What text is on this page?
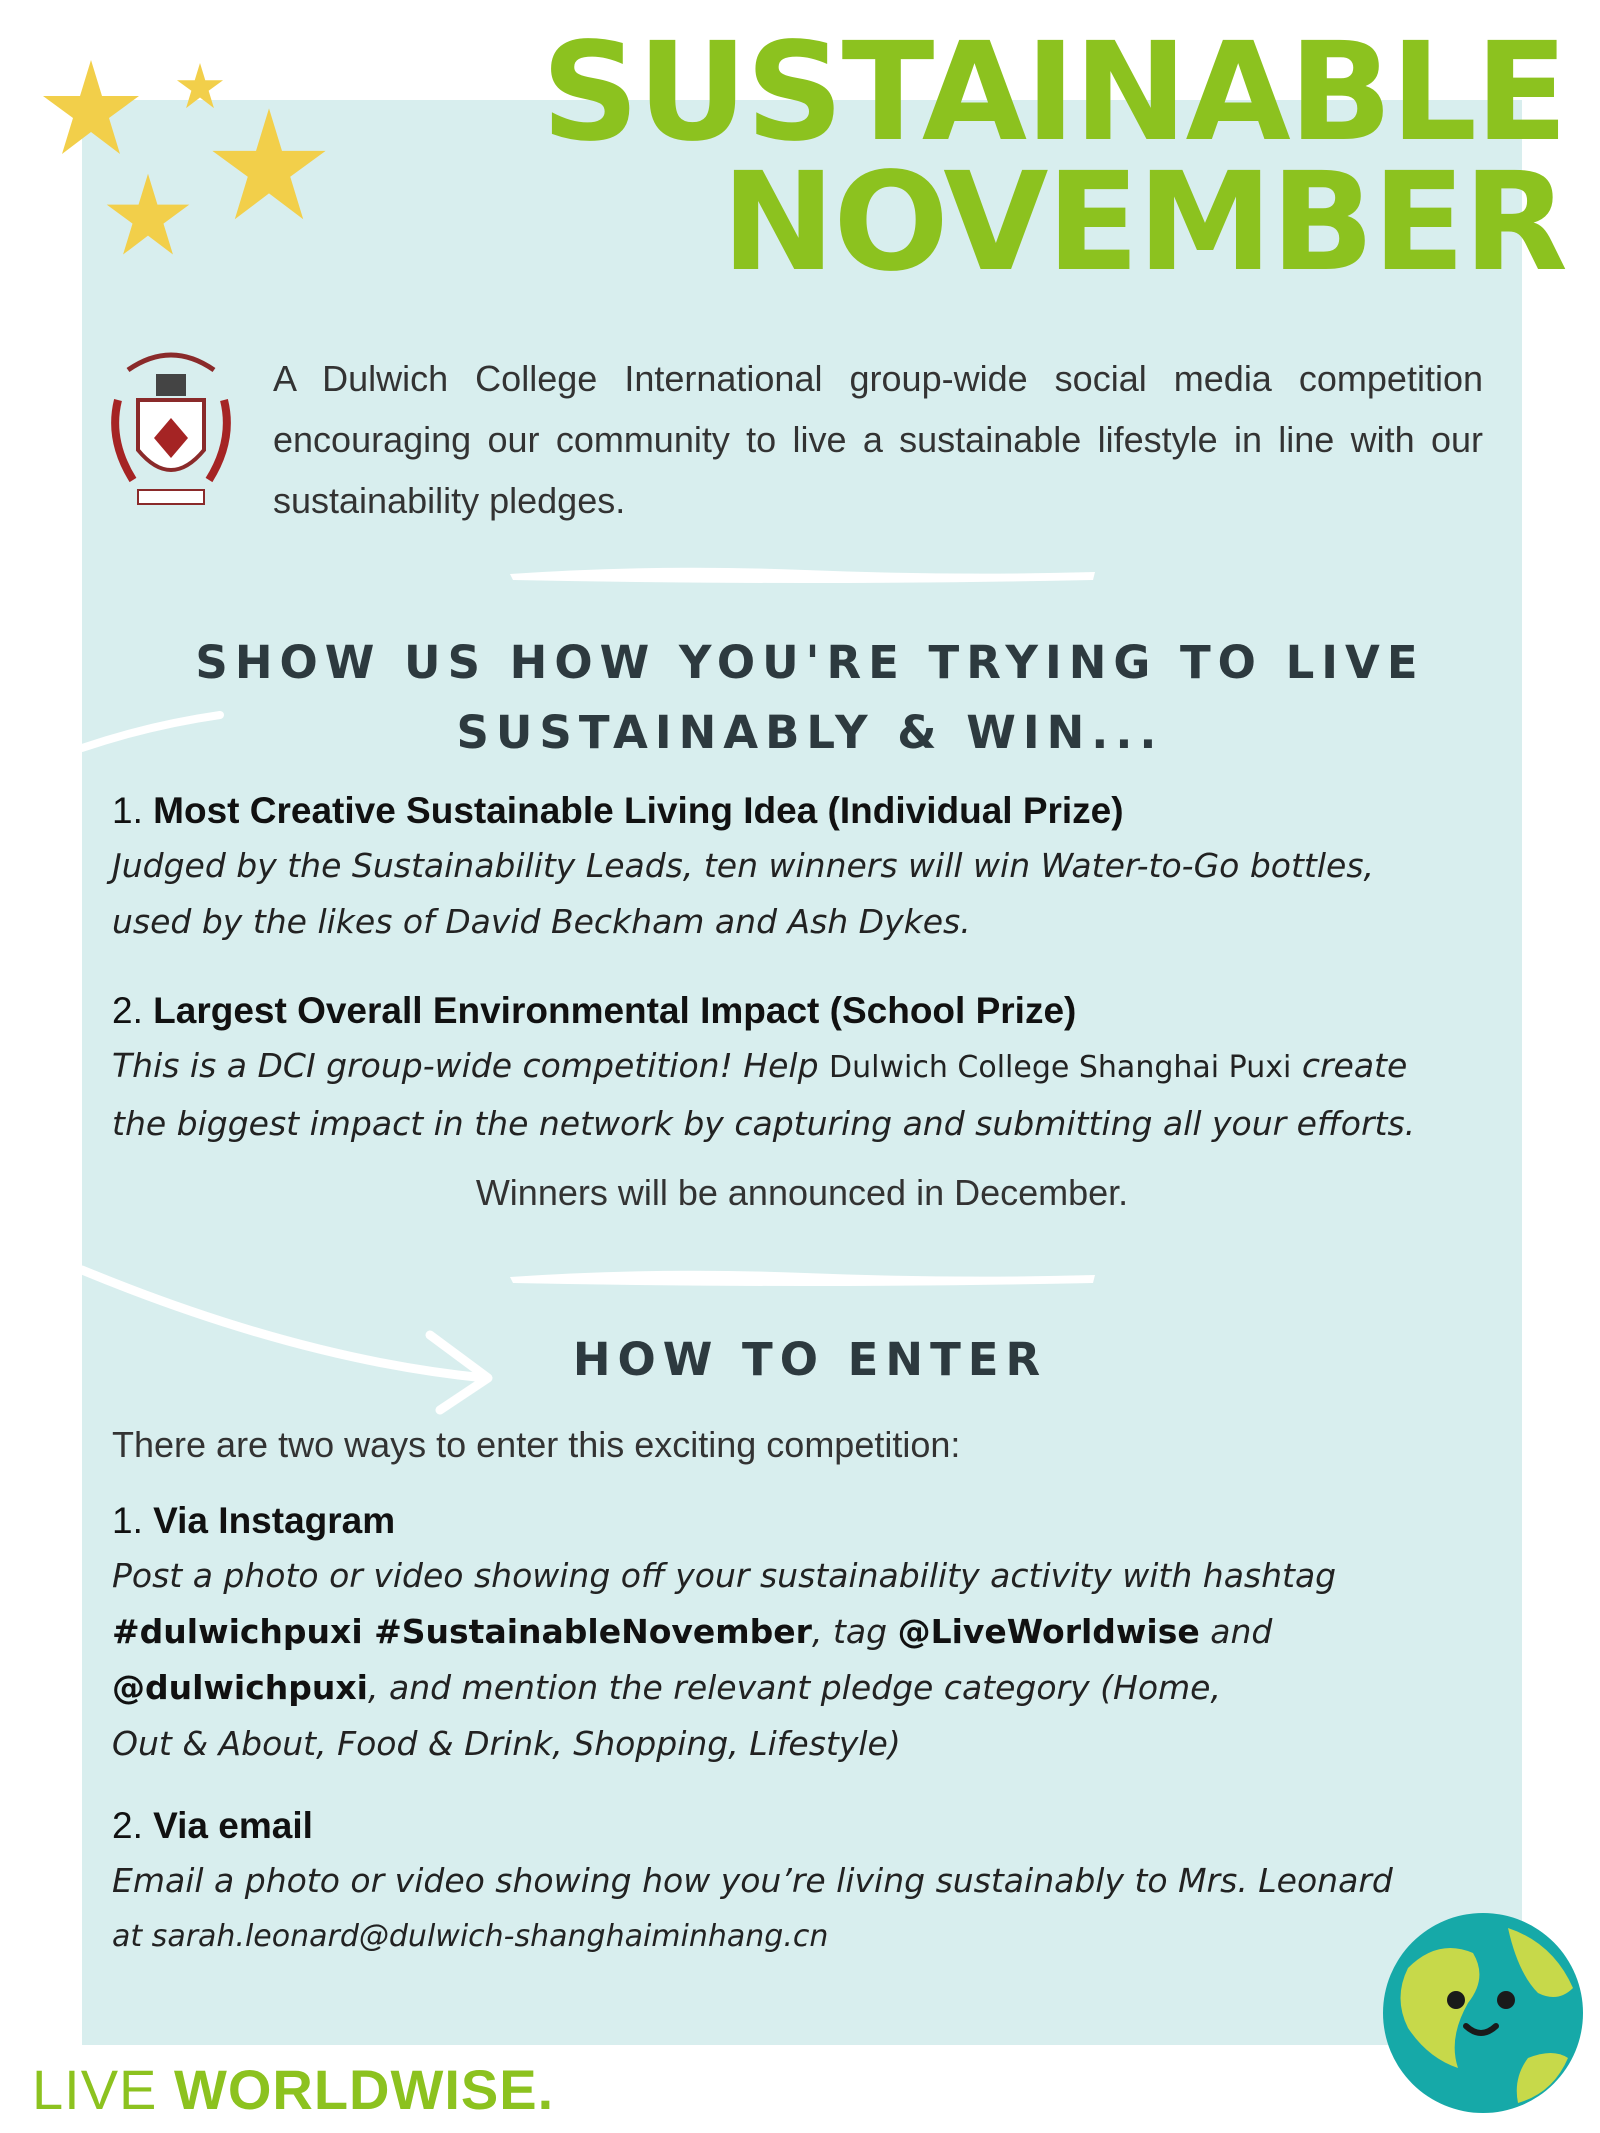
SUSTAINABLE
NOVEMBER

A Dulwich College International group-wide social media competition encouraging our community to live a sustainable lifestyle in line with our sustainability pledges.

SHOW US HOW YOU'RE TRYING TO LIVE
SUSTAINABLY & WIN...

1. Most Creative Sustainable Living Idea (Individual Prize)

Judged by the Sustainability Leads, ten winners will win Water-to-Go bottles,
used by the likes of David Beckham and Ash Dykes.

2. Largest Overall Environmental Impact (School Prize)

This is a DCI group-wide competition! Help Dulwich College Shanghai Puxi create
the biggest impact in the network by capturing and submitting all your efforts.

Winners will be announced in December.

HOW TO ENTER

There are two ways to enter this exciting competition:

1. Via Instagram

Post a photo or video showing off your sustainability activity with hashtag
#dulwichpuxi #SustainableNovember, tag @LiveWorldwise and
@dulwichpuxi, and mention the relevant pledge category (Home,
Out & About, Food & Drink, Shopping, Lifestyle)

2. Via email

Email a photo or video showing how you’re living sustainably to Mrs. Leonard
at sarah.leonard@dulwich-shanghaiminhang.cn

LIVE WORLDWISE.
